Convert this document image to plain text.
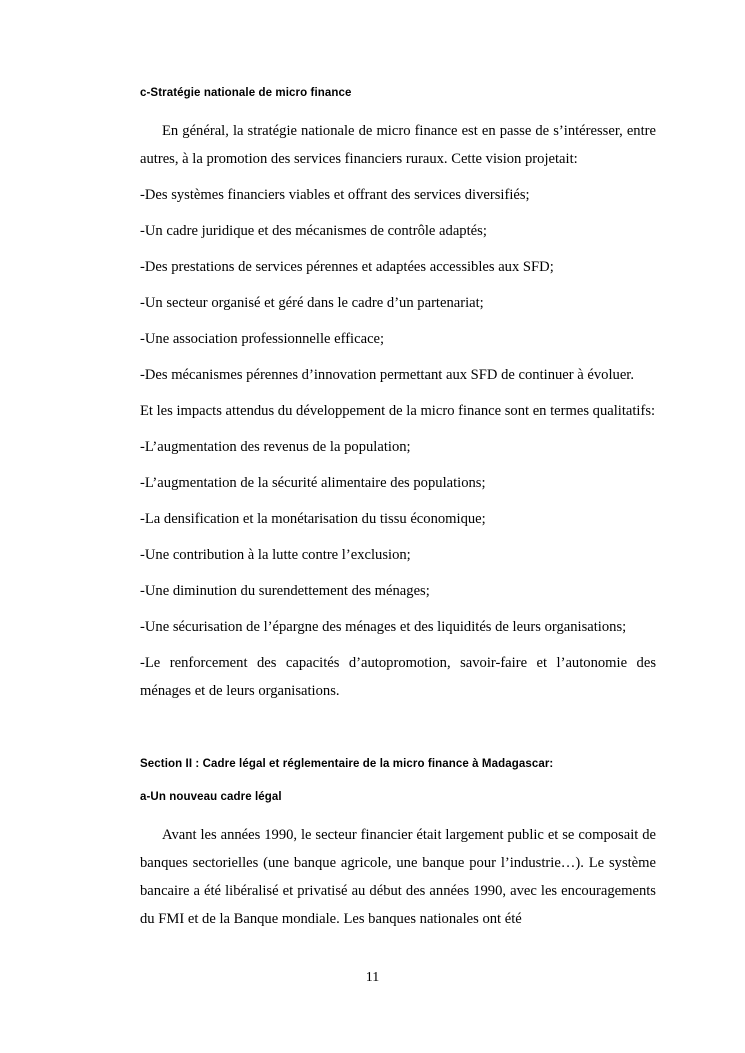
c-Stratégie nationale de micro finance

En général, la stratégie nationale de micro finance est en passe de s’intéresser, entre autres, à la promotion des services financiers ruraux. Cette vision projetait:

-Des systèmes financiers viables et offrant des services diversifiés;

-Un cadre juridique et des mécanismes de contrôle adaptés;

-Des prestations de services pérennes et adaptées accessibles aux SFD;

-Un secteur organisé et géré dans le cadre d’un partenariat;

-Une association professionnelle efficace;

-Des mécanismes pérennes d’innovation permettant aux SFD de continuer à évoluer.

Et les impacts attendus du développement de la micro finance sont en termes qualitatifs:

-L’augmentation des revenus de la population;

-L’augmentation de la sécurité alimentaire des populations;

-La densification et la monétarisation du tissu économique;

-Une contribution à la lutte contre l’exclusion;

-Une diminution du surendettement des ménages;

-Une sécurisation de l’épargne des ménages et des liquidités de leurs organisations;

-Le renforcement des capacités d’autopromotion, savoir-faire et l’autonomie des ménages et de leurs organisations.

Section II : Cadre légal et réglementaire de la micro finance à Madagascar:

a-Un nouveau cadre légal

Avant les années 1990, le secteur financier était largement public et se composait de banques sectorielles (une banque agricole, une banque pour l’industrie…). Le système bancaire a été libéralisé et privatisé au début des années 1990, avec les encouragements du FMI et de la Banque mondiale. Les banques nationales ont été

11
